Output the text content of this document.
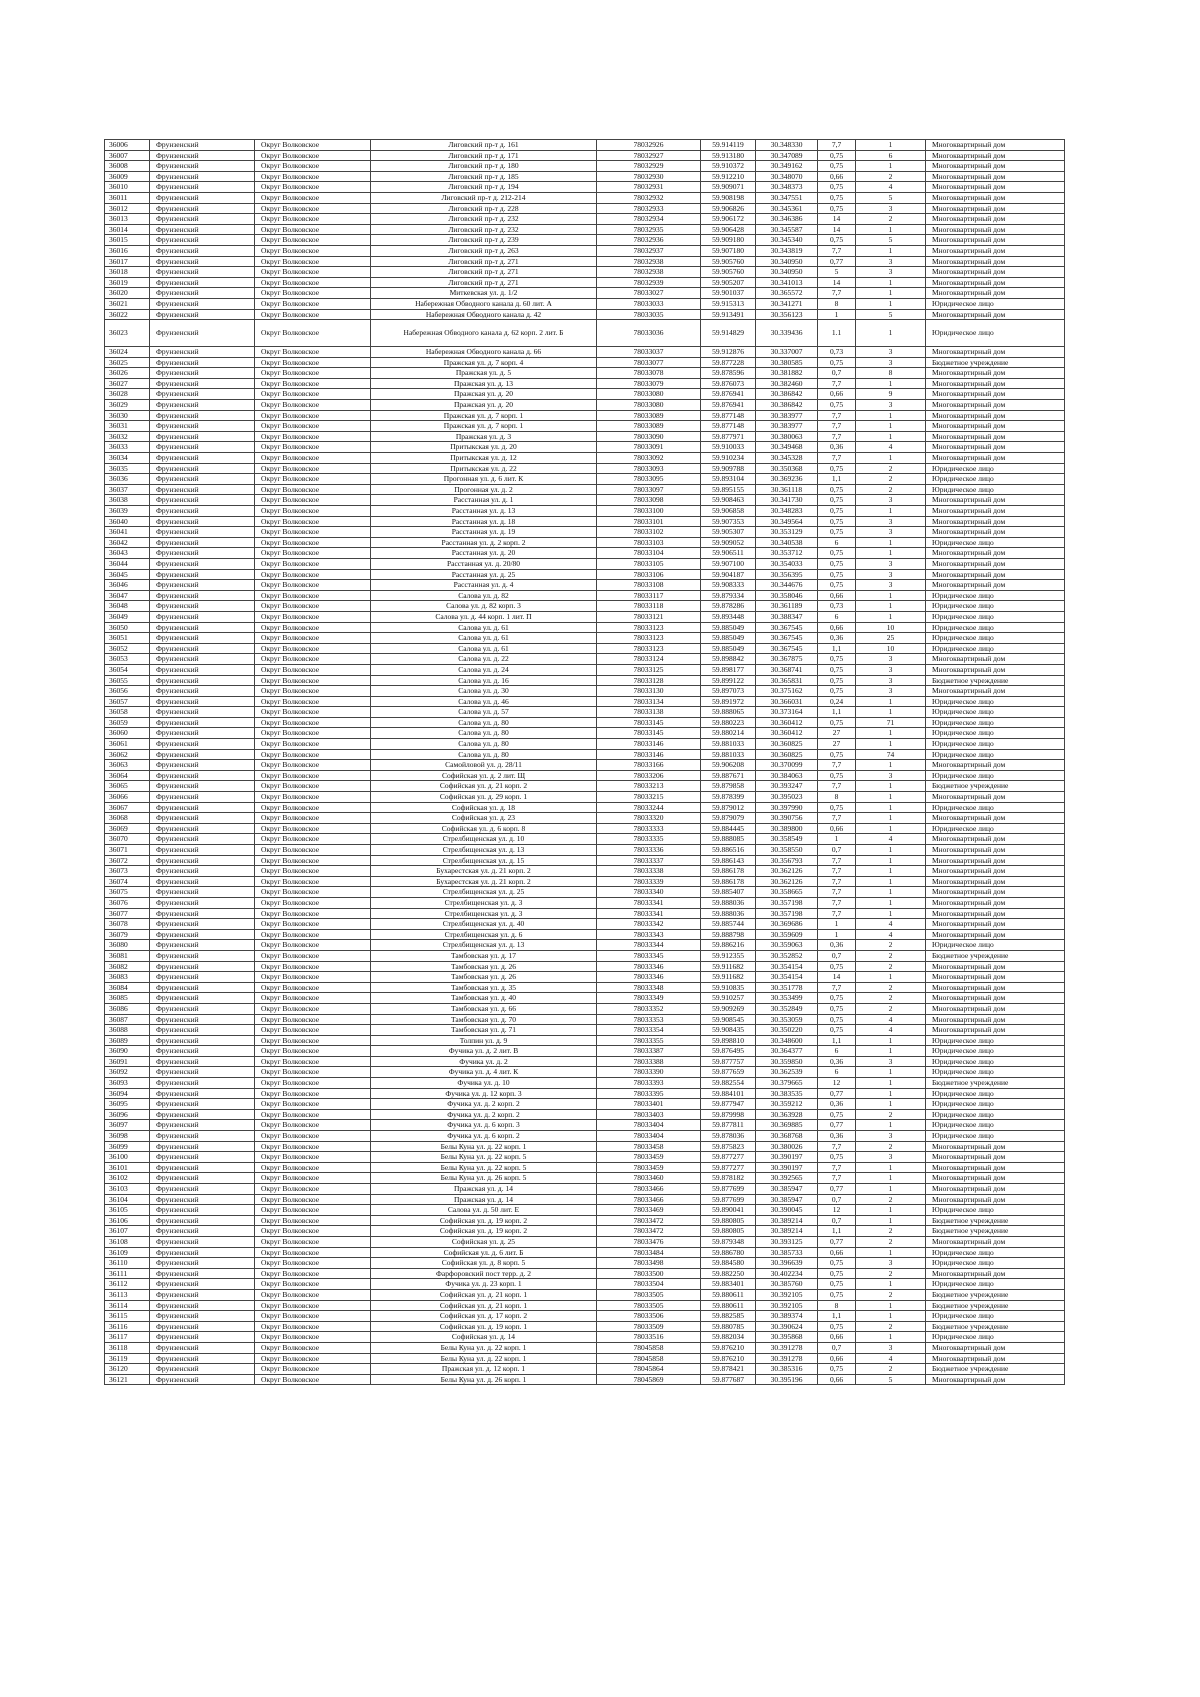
36006	Фрунзенский	Округ Волковское	Лиговский пр-т д. 161	78032926	59.914119	30.348330	7,7	1	Многоквартирный дом
36007	Фрунзенский	Округ Волковское	Лиговский пр-т д. 171	78032927	59.913180	30.347089	0,75	6	Многоквартирный дом
36008	Фрунзенский	Округ Волковское	Лиговский пр-т д. 180	78032929	59.910372	30.349162	0,75	1	Многоквартирный дом
36009	Фрунзенский	Округ Волковское	Лиговский пр-т д. 185	78032930	59.912210	30.348070	0,66	2	Многоквартирный дом
36010	Фрунзенский	Округ Волковское	Лиговский пр-т д. 194	78032931	59.909071	30.348373	0,75	4	Многоквартирный дом
36011	Фрунзенский	Округ Волковское	Лиговский пр-т д. 212-214	78032932	59.908198	30.347551	0,75	5	Многоквартирный дом
36012	Фрунзенский	Округ Волковское	Лиговский пр-т д. 228	78032933	59.906826	30.345361	0,75	3	Многоквартирный дом
36013	Фрунзенский	Округ Волковское	Лиговский пр-т д. 232	78032934	59.906172	30.346386	14	2	Многоквартирный дом
36014	Фрунзенский	Округ Волковское	Лиговский пр-т д. 232	78032935	59.906428	30.345587	14	1	Многоквартирный дом
36015	Фрунзенский	Округ Волковское	Лиговский пр-т д. 239	78032936	59.909180	30.345340	0,75	5	Многоквартирный дом
36016	Фрунзенский	Округ Волковское	Лиговский пр-т д. 263	78032937	59.907180	30.343819	7,7	1	Многоквартирный дом
36017	Фрунзенский	Округ Волковское	Лиговский пр-т д. 271	78032938	59.905760	30.340950	0,77	3	Многоквартирный дом
36018	Фрунзенский	Округ Волковское	Лиговский пр-т д. 271	78032938	59.905760	30.340950	5	3	Многоквартирный дом
36019	Фрунзенский	Округ Волковское	Лиговский пр-т д. 271	78032939	59.905207	30.341013	14	1	Многоквартирный дом
36020	Фрунзенский	Округ Волковское	Миткевская ул. д. 1/2	78033027	59.901037	30.365572	7,7	1	Многоквартирный дом
36021	Фрунзенский	Округ Волковское	Набережная Обводного канала д. 60 лит. А	78033033	59.915313	30.341271	8	1	Юридическое лицо
36022	Фрунзенский	Округ Волковское	Набережная Обводного канала д. 42	78033035	59.913491	30.356123	1	5	Многоквартирный дом
36023	Фрунзенский	Округ Волковское	Набережная Обводного канала д. 62 корп. 2 лит. Б	78033036	59.914829	30.339436	1.1	1	Юридическое лицо
36024	Фрунзенский	Округ Волковское	Набережная Обводного канала д. 66	78033037	59.912876	30.337007	0,73	3	Многоквартирный дом
36025	Фрунзенский	Округ Волковское	Пражская ул. д. 7 корп. 4	78033077	59.877228	30.380585	0,75	3	Бюджетное учреждение
36026	Фрунзенский	Округ Волковское	Пражская ул. д. 5	78033078	59.878596	30.381882	0,7	8	Многоквартирный дом
36027	Фрунзенский	Округ Волковское	Пражская ул. д. 13	78033079	59.876073	30.382460	7,7	1	Многоквартирный дом
36028	Фрунзенский	Округ Волковское	Пражская ул. д. 20	78033080	59.876941	30.386842	0,66	9	Многоквартирный дом
36029	Фрунзенский	Округ Волковское	Пражская ул. д. 20	78033080	59.876941	30.386842	0,75	3	Многоквартирный дом
36030	Фрунзенский	Округ Волковское	Пражская ул. д. 7 корп. 1	78033089	59.877148	30.383977	7,7	1	Многоквартирный дом
36031	Фрунзенский	Округ Волковское	Пражская ул. д. 7 корп. 1	78033089	59.877148	30.383977	7,7	1	Многоквартирный дом
36032	Фрунзенский	Округ Волковское	Пражская ул. д. 3	78033090	59.877971	30.380063	7,7	1	Многоквартирный дом
36033	Фрунзенский	Округ Волковское	Притыкская ул. д. 20	78033091	59.910033	30.349468	0,36	4	Многоквартирный дом
36034	Фрунзенский	Округ Волковское	Притыкская ул. д. 12	78033092	59.910234	30.345328	7,7	1	Многоквартирный дом
36035	Фрунзенский	Округ Волковское	Притыкская ул. д. 22	78033093	59.909788	30.350368	0,75	2	Юридическое лицо
36036	Фрунзенский	Округ Волковское	Прогонная ул. д. 6 лит. К	78033095	59.893104	30.369236	1,1	2	Юридическое лицо
36037	Фрунзенский	Округ Волковское	Прогонная ул. д. 2	78033097	59.895155	30.361118	0,75	2	Юридическое лицо
36038	Фрунзенский	Округ Волковское	Расстанная ул. д. 1	78033098	59.908463	30.341730	0,75	3	Многоквартирный дом
36039	Фрунзенский	Округ Волковское	Расстанная ул. д. 13	78033100	59.906858	30.348283	0,75	1	Многоквартирный дом
36040	Фрунзенский	Округ Волковское	Расстанная ул. д. 18	78033101	59.907353	30.349564	0,75	3	Многоквартирный дом
36041	Фрунзенский	Округ Волковское	Расстанная ул. д. 19	78033102	59.905307	30.353129	0,75	3	Многоквартирный дом
36042	Фрунзенский	Округ Волковское	Расстанная ул. д. 2 корп. 2	78033103	59.909052	30.340538	6	1	Юридическое лицо
36043	Фрунзенский	Округ Волковское	Расстанная ул. д. 20	78033104	59.906511	30.353712	0,75	1	Многоквартирный дом
36044	Фрунзенский	Округ Волковское	Расстанная ул. д. 20/80	78033105	59.907100	30.354033	0,75	3	Многоквартирный дом
36045	Фрунзенский	Округ Волковское	Расстанная ул. д. 25	78033106	59.904187	30.356395	0,75	3	Многоквартирный дом
36046	Фрунзенский	Округ Волковское	Расстанная ул. д. 4	78033108	59.908333	30.344676	0,75	3	Многоквартирный дом
36047	Фрунзенский	Округ Волковское	Салова ул. д. 82	78033117	59.879334	30.358046	0,66	1	Юридическое лицо
36048	Фрунзенский	Округ Волковское	Салова ул. д. 82 корп. 3	78033118	59.878286	30.361189	0,73	1	Юридическое лицо
36049	Фрунзенский	Округ Волковское	Салова ул. д. 44 корп. 1 лит. П	78033121	59.893448	30.388347	6	1	Юридическое лицо
36050	Фрунзенский	Округ Волковское	Салова ул. д. 61	78033123	59.885049	30.367545	0,66	10	Юридическое лицо
36051	Фрунзенский	Округ Волковское	Салова ул. д. 61	78033123	59.885049	30.367545	0,36	25	Юридическое лицо
36052	Фрунзенский	Округ Волковское	Салова ул. д. 61	78033123	59.885049	30.367545	1,1	10	Юридическое лицо
36053	Фрунзенский	Округ Волковское	Салова ул. д. 22	78033124	59.898842	30.367875	0,75	3	Многоквартирный дом
36054	Фрунзенский	Округ Волковское	Салова ул. д. 24	78033125	59.898177	30.368741	0,75	3	Многоквартирный дом
36055	Фрунзенский	Округ Волковское	Салова ул. д. 16	78033128	59.899122	30.365831	0,75	3	Бюджетное учреждение
36056	Фрунзенский	Округ Волковское	Салова ул. д. 30	78033130	59.897073	30.375162	0,75	3	Многоквартирный дом
36057	Фрунзенский	Округ Волковское	Салова ул. д. 46	78033134	59.891972	30.366031	0,24	1	Юридическое лицо
36058	Фрунзенский	Округ Волковское	Салова ул. д. 57	78033138	59.888065	30.373164	1,1	1	Юридическое лицо
36059	Фрунзенский	Округ Волковское	Салова ул. д. 80	78033145	59.880223	30.360412	0,75	71	Юридическое лицо
36060	Фрунзенский	Округ Волковское	Салова ул. д. 80	78033145	59.880214	30.360412	27	1	Юридическое лицо
36061	Фрунзенский	Округ Волковское	Салова ул. д. 80	78033146	59.881033	30.360825	27	1	Юридическое лицо
36062	Фрунзенский	Округ Волковское	Салова ул. д. 80	78033146	59.881033	30.360825	0,75	74	Юридическое лицо
36063	Фрунзенский	Округ Волковское	Самойловой ул. д. 28/11	78033166	59.906208	30.370099	7,7	1	Многоквартирный дом
36064	Фрунзенский	Округ Волковское	Софийская ул. д. 2 лит. Щ	78033206	59.887671	30.384063	0,75	3	Юридическое лицо
36065	Фрунзенский	Округ Волковское	Софийская ул. д. 21 корп. 2	78033213	59.879858	30.393247	7,7	1	Бюджетное учреждение
36066	Фрунзенский	Округ Волковское	Софийская ул. д. 29 корп. 1	78033215	59.878399	30.395023	8	1	Многоквартирный дом
36067	Фрунзенский	Округ Волковское	Софийская ул. д. 18	78033244	59.879012	30.397990	0,75	1	Юридическое лицо
36068	Фрунзенский	Округ Волковское	Софийская ул. д. 23	78033320	59.879079	30.390756	7,7	1	Многоквартирный дом
36069	Фрунзенский	Округ Волковское	Софийская ул. д. 6 корп. 8	78033333	59.884445	30.389800	0,66	1	Юридическое лицо
36070	Фрунзенский	Округ Волковское	Стрелбищенская ул. д. 10	78033335	59.888085	30.358549	1	4	Многоквартирный дом
36071	Фрунзенский	Округ Волковское	Стрелбищенская ул. д. 13	78033336	59.886516	30.358550	0,7	1	Многоквартирный дом
36072	Фрунзенский	Округ Волковское	Стрелбищенская ул. д. 15	78033337	59.886143	30.356793	7,7	1	Многоквартирный дом
36073	Фрунзенский	Округ Волковское	Бухарестская ул. д. 21 корп. 2	78033338	59.886178	30.362126	7,7	1	Многоквартирный дом
36074	Фрунзенский	Округ Волковское	Бухарестская ул. д. 21 корп. 2	78033339	59.886178	30.362126	7,7	1	Многоквартирный дом
36075	Фрунзенский	Округ Волковское	Стрелбищенская ул. д. 25	78033340	59.885407	30.358665	7,7	1	Многоквартирный дом
36076	Фрунзенский	Округ Волковское	Стрелбищенская ул. д. 3	78033341	59.888036	30.357198	7,7	1	Многоквартирный дом
36077	Фрунзенский	Округ Волковское	Стрелбищенская ул. д. 3	78033341	59.888036	30.357198	7,7	1	Многоквартирный дом
36078	Фрунзенский	Округ Волковское	Стрелбищенская ул. д. 40	78033342	59.885744	30.369686	1	4	Многоквартирный дом
36079	Фрунзенский	Округ Волковское	Стрелбищенская ул. д. 6	78033343	59.888798	30.359609	1	4	Многоквартирный дом
36080	Фрунзенский	Округ Волковское	Стрелбищенская ул. д. 13	78033344	59.886216	30.359063	0,36	2	Юридическое лицо
36081	Фрунзенский	Округ Волковское	Тамбовская ул. д. 17	78033345	59.912355	30.352852	0,7	2	Бюджетное учреждение
36082	Фрунзенский	Округ Волковское	Тамбовская ул. д. 26	78033346	59.911682	30.354154	0,75	2	Многоквартирный дом
36083	Фрунзенский	Округ Волковское	Тамбовская ул. д. 26	78033346	59.911682	30.354154	14	1	Многоквартирный дом
36084	Фрунзенский	Округ Волковское	Тамбовская ул. д. 35	78033348	59.910835	30.351778	7,7	2	Многоквартирный дом
36085	Фрунзенский	Округ Волковское	Тамбовская ул. д. 40	78033349	59.910257	30.353499	0,75	2	Многоквартирный дом
36086	Фрунзенский	Округ Волковское	Тамбовская ул. д. 66	78033352	59.909269	30.352849	0,75	2	Многоквартирный дом
36087	Фрунзенский	Округ Волковское	Тамбовская ул. д. 70	78033353	59.908545	30.353059	0,75	4	Многоквартирный дом
36088	Фрунзенский	Округ Волковское	Тамбовская ул. д. 71	78033354	59.908435	30.350220	0,75	4	Многоквартирный дом
36089	Фрунзенский	Округ Волковское	Толпин ул. д. 9	78033355	59.898810	30.348600	1,1	1	Юридическое лицо
36090	Фрунзенский	Округ Волковское	Фучика ул. д. 2 лит. В	78033387	59.876495	30.364377	6	1	Юридическое лицо
36091	Фрунзенский	Округ Волковское	Фучика ул. д. 2	78033388	59.877757	30.359850	0,36	3	Юридическое лицо
36092	Фрунзенский	Округ Волковское	Фучика ул. д. 4 лит. К	78033390	59.877659	30.362539	6	1	Юридическое лицо
36093	Фрунзенский	Округ Волковское	Фучика ул. д. 10	78033393	59.882554	30.379665	12	1	Бюджетное учреждение
36094	Фрунзенский	Округ Волковское	Фучика ул. д. 12 корп. 3	78033395	59.884101	30.383535	0,77	1	Юридическое лицо
36095	Фрунзенский	Округ Волковское	Фучика ул. д. 2 корп. 2	78033401	59.877947	30.359212	0,36	1	Юридическое лицо
36096	Фрунзенский	Округ Волковское	Фучика ул. д. 2 корп. 2	78033403	59.879998	30.363928	0,75	2	Юридическое лицо
36097	Фрунзенский	Округ Волковское	Фучика ул. д. 6 корп. 3	78033404	59.877811	30.369885	0,77	1	Юридическое лицо
36098	Фрунзенский	Округ Волковское	Фучика ул. д. 6 корп. 2	78033404	59.878036	30.368768	0,36	3	Юридическое лицо
36099	Фрунзенский	Округ Волковское	Белы Куна ул. д. 22 корп. 1	78033458	59.875823	30.380026	7,7	2	Многоквартирный дом
36100	Фрунзенский	Округ Волковское	Белы Куна ул. д. 22 корп. 5	78033459	59.877277	30.390197	0,75	3	Многоквартирный дом
36101	Фрунзенский	Округ Волковское	Белы Куна ул. д. 22 корп. 5	78033459	59.877277	30.390197	7,7	1	Многоквартирный дом
36102	Фрунзенский	Округ Волковское	Белы Куна ул. д. 26 корп. 5	78033460	59.878182	30.392565	7,7	1	Многоквартирный дом
36103	Фрунзенский	Округ Волковское	Пражская ул. д. 14	78033466	59.877699	30.385947	0,77	1	Многоквартирный дом
36104	Фрунзенский	Округ Волковское	Пражская ул. д. 14	78033466	59.877699	30.385947	0,7	2	Многоквартирный дом
36105	Фрунзенский	Округ Волковское	Салова ул. д. 50 лит. Е	78033469	59.890041	30.390045	12	1	Юридическое лицо
36106	Фрунзенский	Округ Волковское	Софийская ул. д. 19 корп. 2	78033472	59.880805	30.389214	0,7	1	Бюджетное учреждение
36107	Фрунзенский	Округ Волковское	Софийская ул. д. 19 корп. 2	78033472	59.880805	30.389214	1,1	2	Бюджетное учреждение
36108	Фрунзенский	Округ Волковское	Софийская ул. д. 25	78033476	59.879348	30.393125	0,77	2	Многоквартирный дом
36109	Фрунзенский	Округ Волковское	Софийская ул. д. 6 лит. Б	78033484	59.886780	30.385733	0,66	1	Юридическое лицо
36110	Фрунзенский	Округ Волковское	Софийская ул. д. 8 корп. 5	78033498	59.884580	30.396639	0,75	3	Юридическое лицо
36111	Фрунзенский	Округ Волковское	Фарфоровский пост терр. д. 2	78033500	59.882250	30.402234	0,75	2	Многоквартирный дом
36112	Фрунзенский	Округ Волковское	Фучика ул. д. 23 корп. 1	78033504	59.883401	30.385760	0,75	1	Юридическое лицо
36113	Фрунзенский	Округ Волковское	Софийская ул. д. 21 корп. 1	78033505	59.880611	30.392105	0,75	2	Бюджетное учреждение
36114	Фрунзенский	Округ Волковское	Софийская ул. д. 21 корп. 1	78033505	59.880611	30.392105	8	1	Бюджетное учреждение
36115	Фрунзенский	Округ Волковское	Софийская ул. д. 17 корп. 2	78033506	59.882585	30.389374	1,1	1	Юридическое лицо
36116	Фрунзенский	Округ Волковское	Софийская ул. д. 19 корп. 1	78033509	59.880785	30.390624	0,75	2	Бюджетное учреждение
36117	Фрунзенский	Округ Волковское	Софийская ул. д. 14	78033516	59.882034	30.395868	0,66	1	Юридическое лицо
36118	Фрунзенский	Округ Волковское	Белы Куна ул. д. 22 корп. 1	78045858	59.876210	30.391278	0,7	3	Многоквартирный дом
36119	Фрунзенский	Округ Волковское	Белы Куна ул. д. 22 корп. 1	78045858	59.876210	30.391278	0,66	4	Многоквартирный дом
36120	Фрунзенский	Округ Волковское	Пражская ул. д. 12 корп. 1	78045864	59.878421	30.385316	0,75	2	Бюджетное учреждение
36121	Фрунзенский	Округ Волковское	Белы Куна ул. д. 26 корп. 1	78045869	59.877687	30.395196	0,66	5	Многоквартирный дом
